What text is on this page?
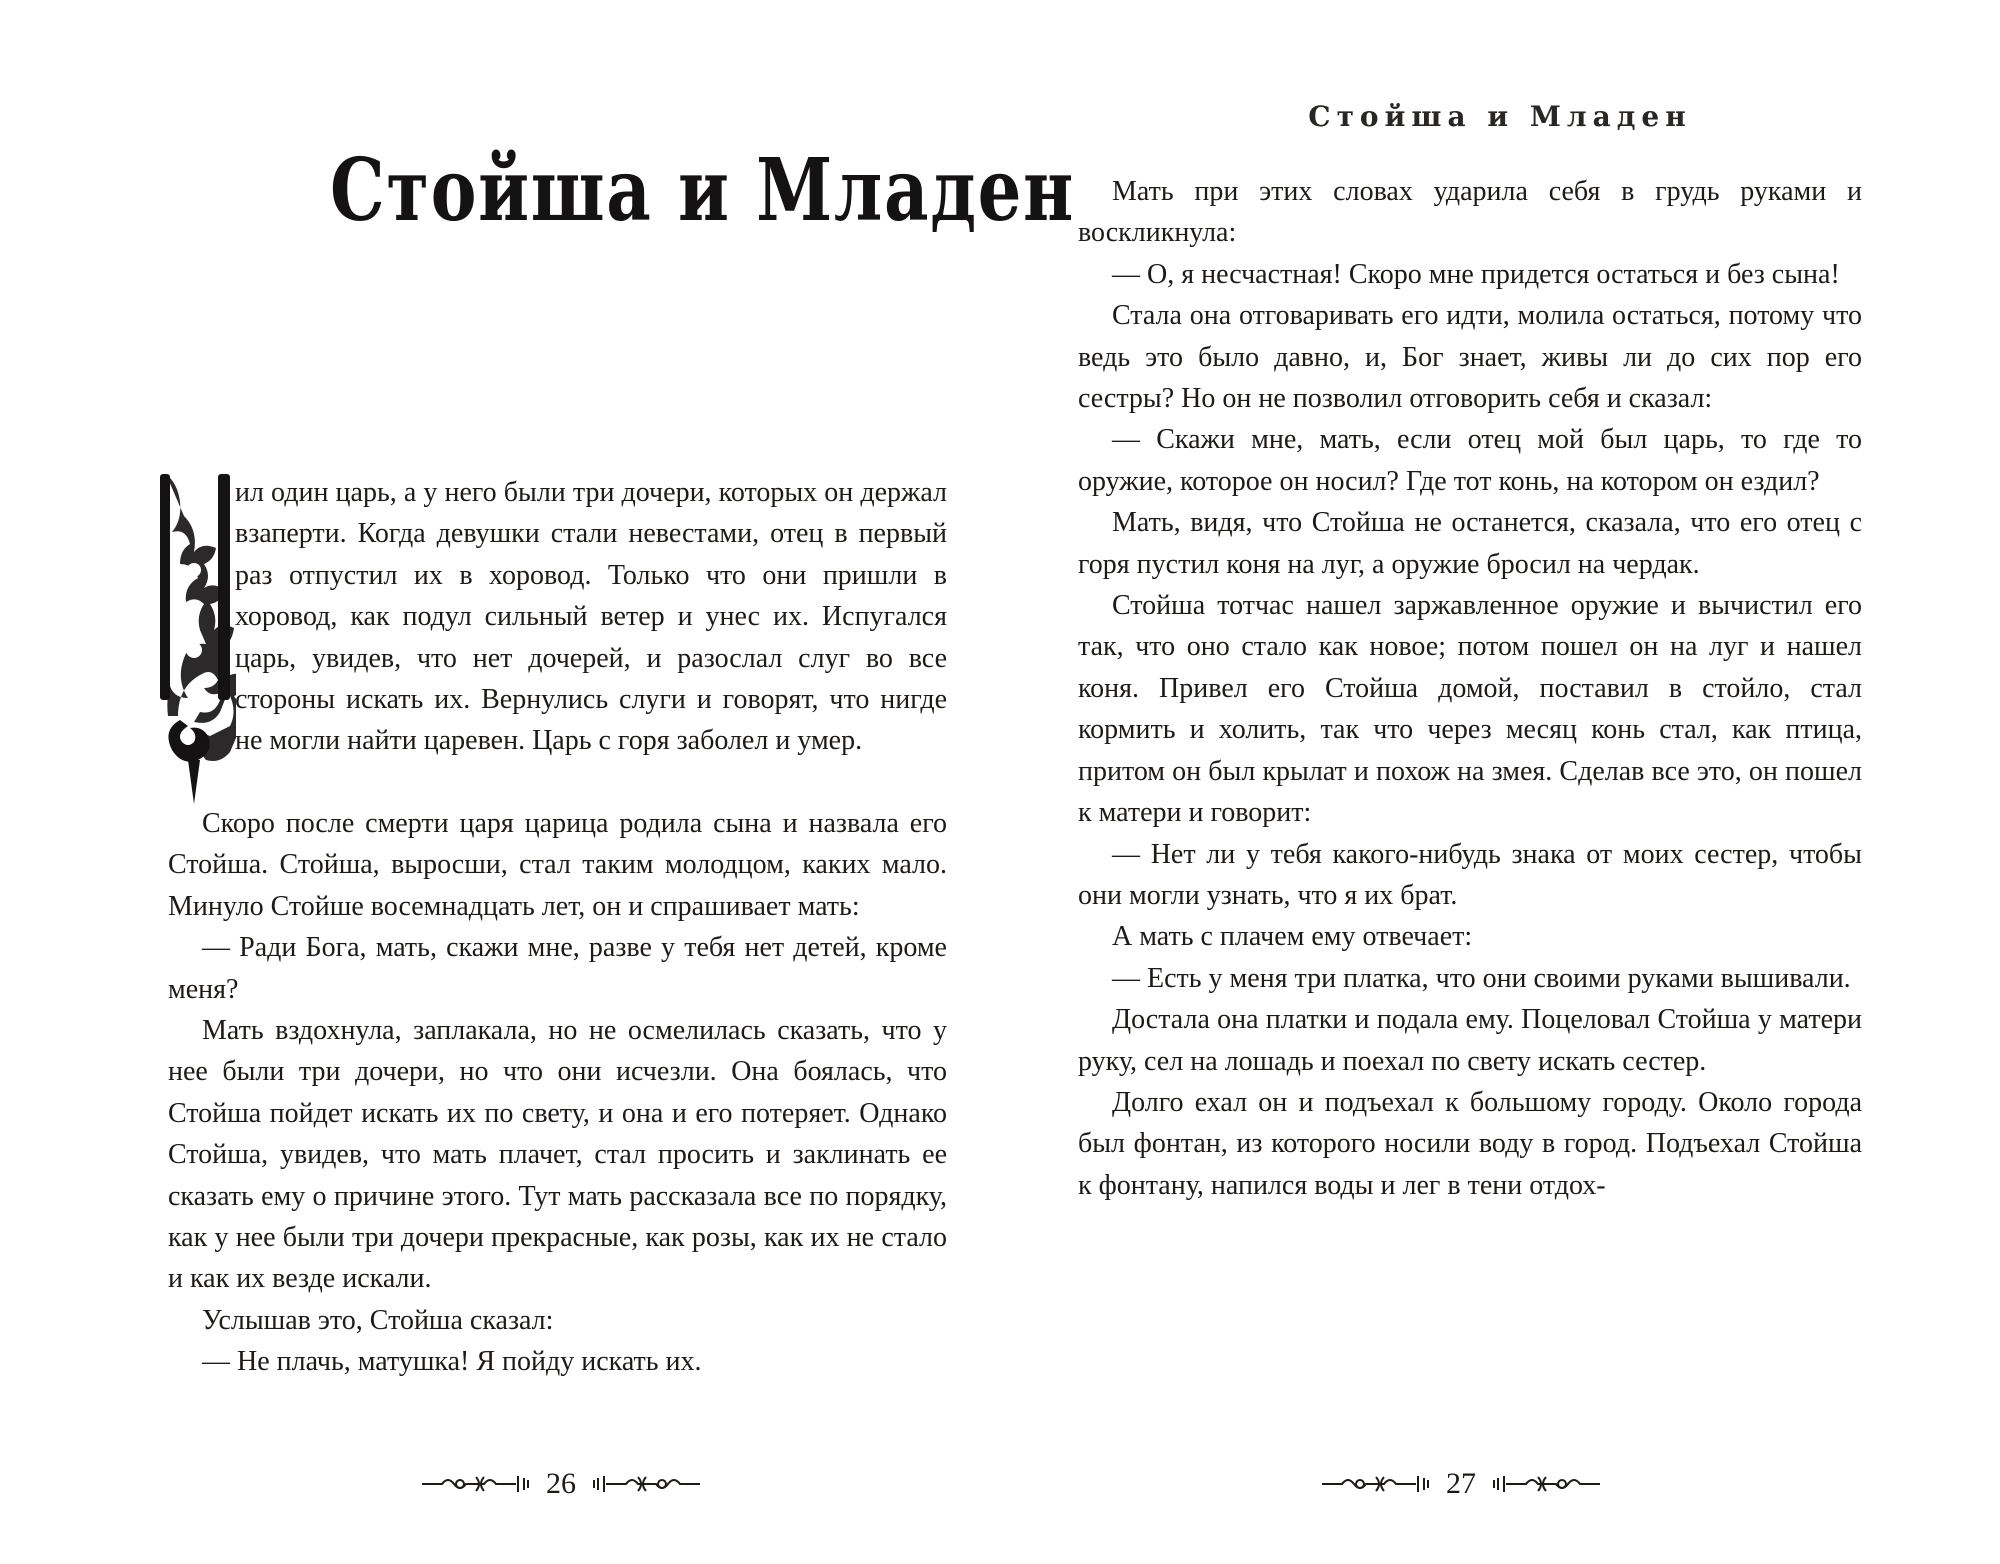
Стойша и Младен

ил один царь, а у него были три дочери, которых он держал взаперти. Когда девушки стали невестами, отец в первый раз отпустил их в хоровод. Только что они пришли в хоровод, как подул сильный ветер и унес их. Испугался царь, увидев, что нет дочерей, и разослал слуг во все стороны искать их. Вернулись слуги и говорят, что нигде не могли найти царевен. Царь с горя заболел и умер.

Скоро после смерти царя царица родила сына и назвала его Стойша. Стойша, выросши, стал таким молодцом, каких мало. Минуло Стойше восемнадцать лет, он и спрашивает мать:

— Ради Бога, мать, скажи мне, разве у тебя нет детей, кроме меня?

Мать вздохнула, заплакала, но не осмелилась сказать, что у нее были три дочери, но что они исчезли. Она боялась, что Стойша пойдет искать их по свету, и она и его потеряет. Однако Стойша, увидев, что мать плачет, стал просить и заклинать ее сказать ему о причине этого. Тут мать рассказала все по порядку, как у нее были три дочери прекрасные, как розы, как их не стало и как их везде искали.

Услышав это, Стойша сказал:

— Не плачь, матушка! Я пойду искать их.

26
Стойша и Младен

Мать при этих словах ударила себя в грудь руками и воскликнула:

— О, я несчастная! Скоро мне придется остаться и без сына!

Стала она отговаривать его идти, молила остаться, потому что ведь это было давно, и, Бог знает, живы ли до сих пор его сестры? Но он не позволил отговорить себя и сказал:

— Скажи мне, мать, если отец мой был царь, то где то оружие, которое он носил? Где тот конь, на котором он ездил?

Мать, видя, что Стойша не останется, сказала, что его отец с горя пустил коня на луг, а оружие бросил на чердак.

Стойша тотчас нашел заржавленное оружие и вычистил его так, что оно стало как новое; потом пошел он на луг и нашел коня. Привел его Стойша домой, поставил в стойло, стал кормить и холить, так что через месяц конь стал, как птица, притом он был крылат и похож на змея. Сделав все это, он пошел к матери и говорит:

— Нет ли у тебя какого-нибудь знака от моих сестер, чтобы они могли узнать, что я их брат.

А мать с плачем ему отвечает:

— Есть у меня три платка, что они своими руками вышивали.

Достала она платки и подала ему. Поцеловал Стойша у матери руку, сел на лошадь и поехал по свету искать сестер.

Долго ехал он и подъехал к большому городу. Около города был фонтан, из которого носили воду в город. Подъехал Стойша к фонтану, напился воды и лег в тени отдох-

27
